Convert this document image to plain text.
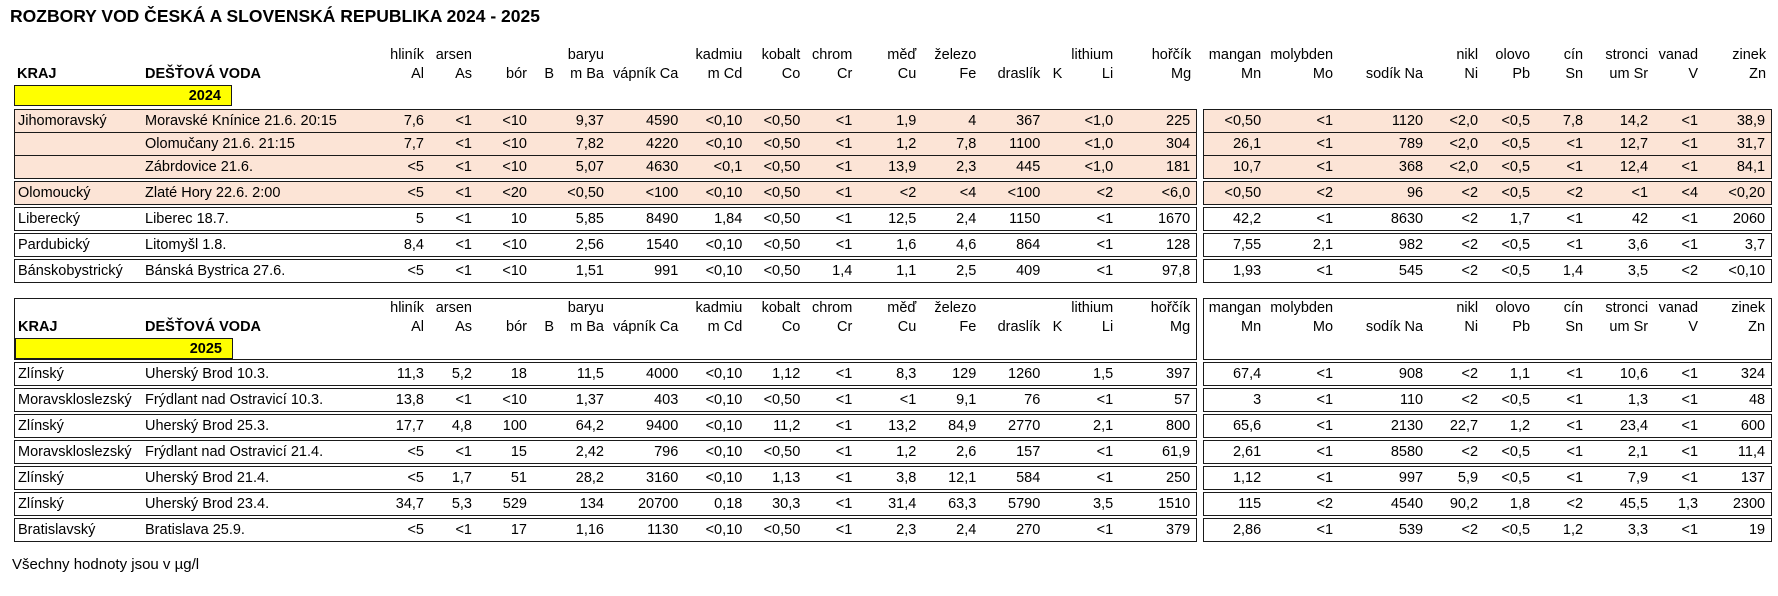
ROZBORY VOD ČESKÁ A SLOVENSKÁ REPUBLIKA 2024 - 2025
		hliník	arsen			baryu		kadmiu	kobalt	chrom	měď	železo			lithium	hořčík		mangan	molybden		nikl	olovo	cín	stronci	vanad	zinek
KRAJ	DEŠŤOVÁ VODA	Al	As	bór	B	m Ba	vápník Ca	m Cd	Co	Cr	Cu	Fe	draslík	K	Li	Mg		Mn	Mo	sodík Na	Ni	Pb	Sn	um Sr	V	Zn

2024																										

Jihomoravský	Moravské Knínice 21.6. 20:15	7,6	<1	<10		9,37	4590	<0,10	<0,50	<1	1,9	4	367		<1,0	225		<0,50	<1	1120	<2,0	<0,5	7,8	14,2	<1	38,9
	Olomučany 21.6. 21:15	7,7	<1	<10		7,82	4220	<0,10	<0,50	<1	1,2	7,8	1100		<1,0	304		26,1	<1	789	<2,0	<0,5	<1	12,7	<1	31,7
	Zábrdovice 21.6.	<5	<1	<10		5,07	4630	<0,1	<0,50	<1	13,9	2,3	445		<1,0	181		10,7	<1	368	<2,0	<0,5	<1	12,4	<1	84,1

Olomoucký	Zlaté Hory 22.6. 2:00	<5	<1	<20		<0,50	<100	<0,10	<0,50	<1	<2	<4	<100		<2	<6,0		<0,50	<2	96	<2	<0,5	<2	<1	<4	<0,20

Liberecký	Liberec 18.7.	5	<1	10		5,85	8490	1,84	<0,50	<1	12,5	2,4	1150		<1	1670		42,2	<1	8630	<2	1,7	<1	42	<1	2060

Pardubický	Litomyšl 1.8.	8,4	<1	<10		2,56	1540	<0,10	<0,50	<1	1,6	4,6	864		<1	128		7,55	2,1	982	<2	<0,5	<1	3,6	<1	3,7

Bánskobystrický	Bánská Bystrica 27.6.	<5	<1	<10		1,51	991	<0,10	<0,50	1,4	1,1	2,5	409		<1	97,8		1,93	<1	545	<2	<0,5	1,4	3,5	<2	<0,10
		hliník	arsen			baryu		kadmiu	kobalt	chrom	měď	železo			lithium	hořčík		mangan	molybden		nikl	olovo	cín	stronci	vanad	zinek
KRAJ	DEŠŤOVÁ VODA	Al	As	bór	B	m Ba	vápník Ca	m Cd	Co	Cr	Cu	Fe	draslík	K	Li	Mg		Mn	Mo	sodík Na	Ni	Pb	Sn	um Sr	V	Zn

2025																										

Zlínský	Uherský Brod 10.3.	11,3	5,2	18		11,5	4000	<0,10	1,12	<1	8,3	129	1260		1,5	397		67,4	<1	908	<2	1,1	<1	10,6	<1	324

Moravskloslezský	Frýdlant nad Ostravicí 10.3.	13,8	<1	<10		1,37	403	<0,10	<0,50	<1	<1	9,1	76		<1	57		3	<1	110	<2	<0,5	<1	1,3	<1	48

Zlínský	Uherský Brod 25.3.	17,7	4,8	100		64,2	9400	<0,10	11,2	<1	13,2	84,9	2770		2,1	800		65,6	<1	2130	22,7	1,2	<1	23,4	<1	600

Moravskloslezský	Frýdlant nad Ostravicí 21.4.	<5	<1	15		2,42	796	<0,10	<0,50	<1	1,2	2,6	157		<1	61,9		2,61	<1	8580	<2	<0,5	<1	2,1	<1	11,4

Zlínský	Uherský Brod 21.4.	<5	1,7	51		28,2	3160	<0,10	1,13	<1	3,8	12,1	584		<1	250		1,12	<1	997	5,9	<0,5	<1	7,9	<1	137

Zlínský	Uherský Brod 23.4.	34,7	5,3	529		134	20700	0,18	30,3	<1	31,4	63,3	5790		3,5	1510		115	<2	4540	90,2	1,8	<2	45,5	1,3	2300

Bratislavský	Bratislava 25.9.	<5	<1	17		1,16	1130	<0,10	<0,50	<1	2,3	2,4	270		<1	379		2,86	<1	539	<2	<0,5	1,2	3,3	<1	19
Všechny hodnoty jsou v µg/l
